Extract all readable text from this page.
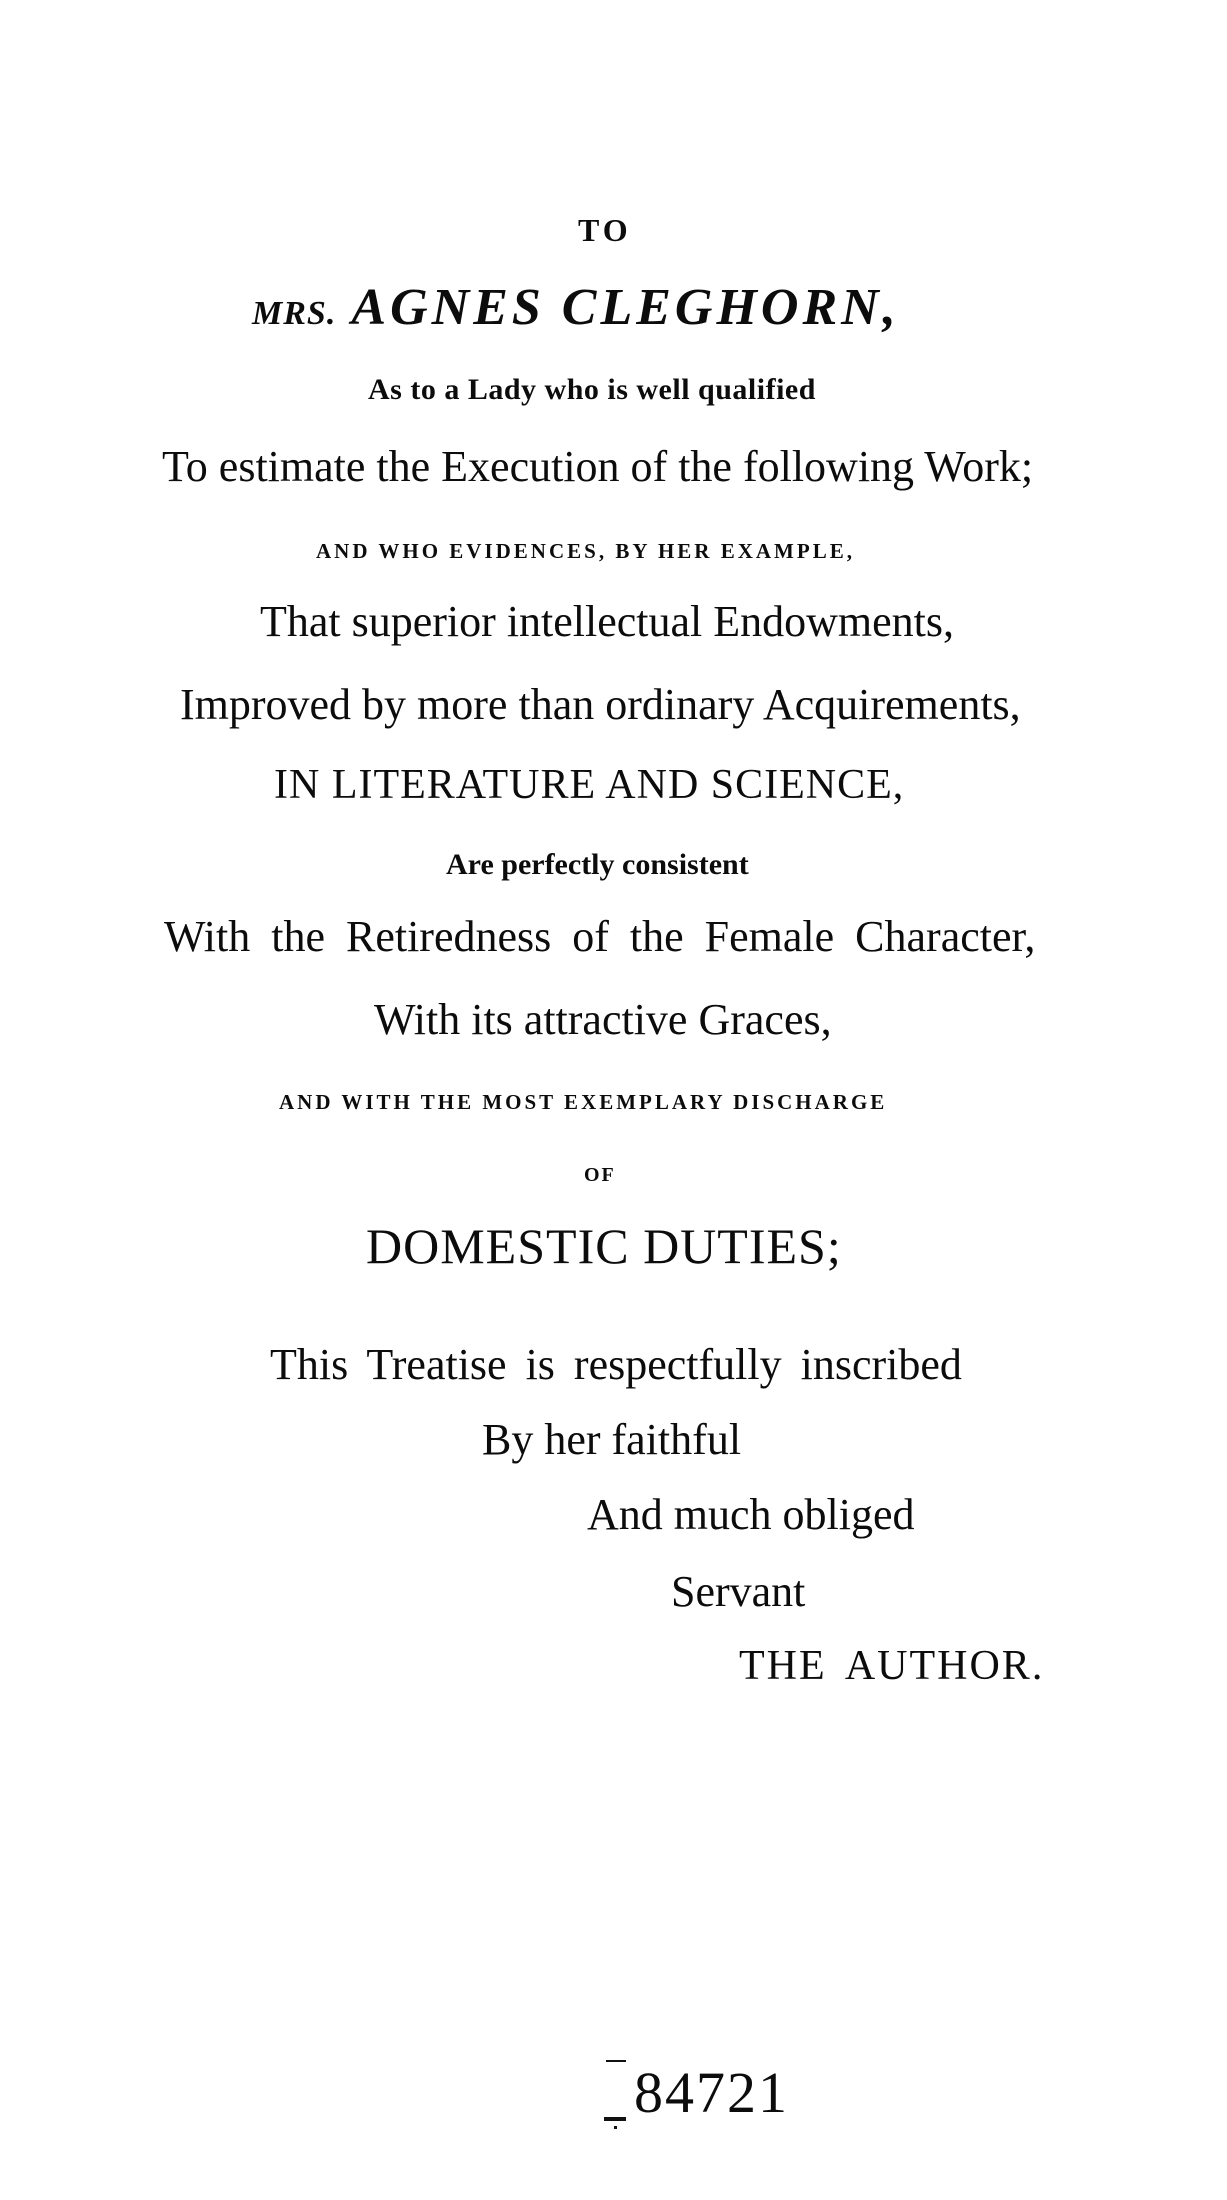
TO

MRS. AGNES CLEGHORN,

As to a Lady who is well qualified

To estimate the Execution of the following Work;

AND WHO EVIDENCES, BY HER EXAMPLE,

That superior intellectual Endowments,

Improved by more than ordinary Acquirements,

IN LITERATURE AND SCIENCE,

Are perfectly consistent

With the Retiredness of the Female Character,

With its attractive Graces,

AND WITH THE MOST EXEMPLARY DISCHARGE

OF

DOMESTIC DUTIES;

This Treatise is respectfully inscribed

By her faithful

And much obliged

Servant

THE AUTHOR.

84721
